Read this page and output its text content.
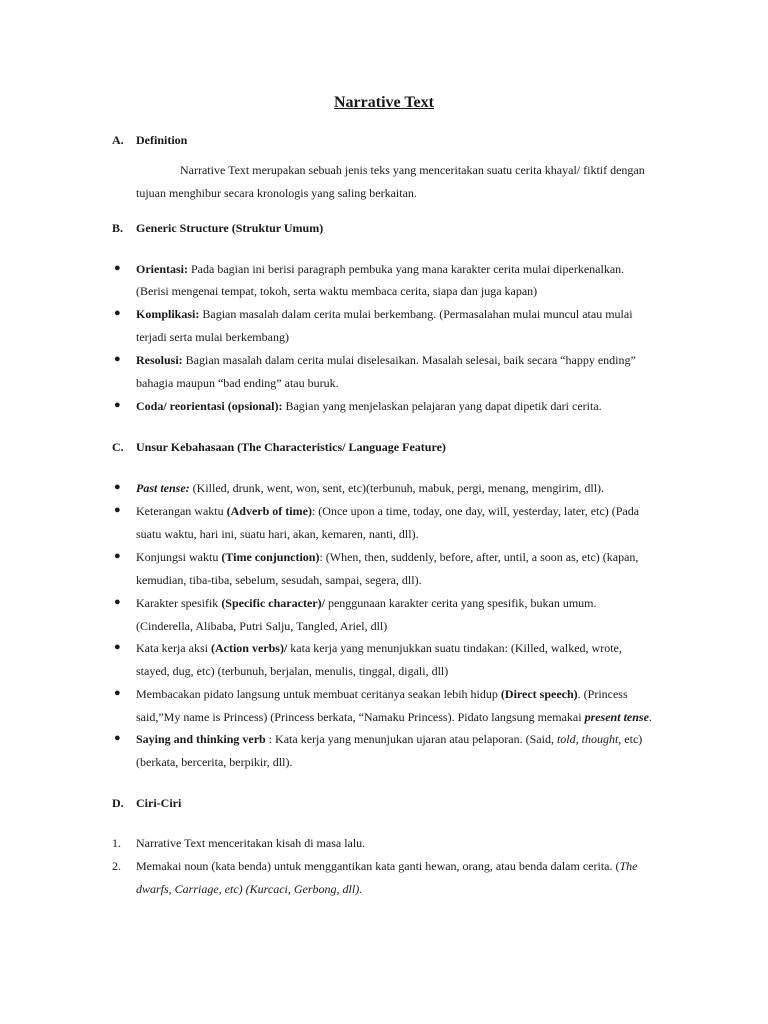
Narrative Text
A. Definition
Narrative Text merupakan sebuah jenis teks yang menceritakan suatu cerita khayal/ fiktif dengan
tujuan menghibur secara kronologis yang saling berkaitan.
B. Generic Structure (Struktur Umum)
● Orientasi: Pada bagian ini berisi paragraph pembuka yang mana karakter cerita mulai diperkenalkan.
(Berisi mengenai tempat, tokoh, serta waktu membaca cerita, siapa dan juga kapan)
● Komplikasi: Bagian masalah dalam cerita mulai berkembang. (Permasalahan mulai muncul atau mulai
terjadi serta mulai berkembang)
● Resolusi: Bagian masalah dalam cerita mulai diselesaikan. Masalah selesai, baik secara “happy ending”
bahagia maupun “bad ending” atau buruk.
● Coda/ reorientasi (opsional): Bagian yang menjelaskan pelajaran yang dapat dipetik dari cerita.
C. Unsur Kebahasaan (The Characteristics/ Language Feature)
● Past tense: (Killed, drunk, went, won, sent, etc)(terbunuh, mabuk, pergi, menang, mengirim, dll).
● Keterangan waktu (Adverb of time): (Once upon a time, today, one day, will, yesterday, later, etc) (Pada
suatu waktu, hari ini, suatu hari, akan, kemaren, nanti, dll).
● Konjungsi waktu (Time conjunction): (When, then, suddenly, before, after, until, a soon as, etc) (kapan,
kemudian, tiba-tiba, sebelum, sesudah, sampai, segera, dll).
● Karakter spesifik (Specific character)/ penggunaan karakter cerita yang spesifik, bukan umum.
(Cinderella, Alibaba, Putri Salju, Tangled, Ariel, dll)
● Kata kerja aksi (Action verbs)/ kata kerja yang menunjukkan suatu tindakan: (Killed, walked, wrote,
stayed, dug, etc) (terbunuh, berjalan, menulis, tinggal, digali, dll)
● Membacakan pidato langsung untuk membuat ceritanya seakan lebih hidup (Direct speech). (Princess
said,”My name is Princess) (Princess berkata, “Namaku Princess). Pidato langsung memakai present tense.
● Saying and thinking verb : Kata kerja yang menunjukan ujaran atau pelaporan. (Said, told, thought, etc)
(berkata, bercerita, berpikir, dll).
D. Ciri-Ciri
1. Narrative Text menceritakan kisah di masa lalu.
2. Memakai noun (kata benda) untuk menggantikan kata ganti hewan, orang, atau benda dalam cerita. (The
dwarfs, Carriage, etc) (Kurcaci, Gerbong, dll).
